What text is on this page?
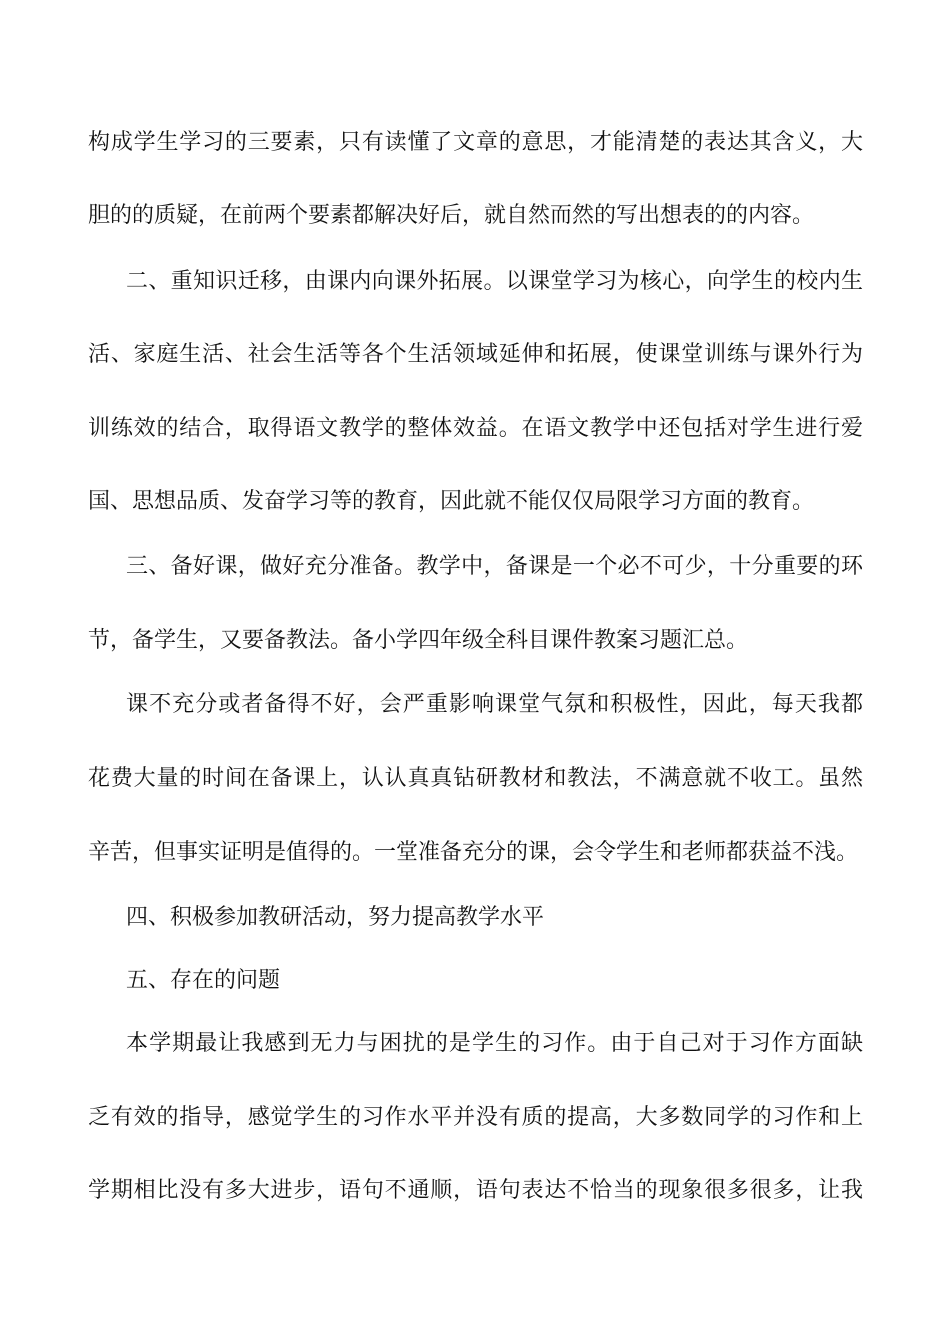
构成学生学习的三要素，只有读懂了文章的意思，才能清楚的表达其含义，大
胆的的质疑，在前两个要素都解决好后，就自然而然的写出想表的的内容。
二、重知识迁移，由课内向课外拓展。以课堂学习为核心，向学生的校内生
活、家庭生活、社会生活等各个生活领域延伸和拓展，使课堂训练与课外行为
训练效的结合，取得语文教学的整体效益。在语文教学中还包括对学生进行爱
国、思想品质、发奋学习等的教育，因此就不能仅仅局限学习方面的教育。
三、备好课，做好充分准备。教学中，备课是一个必不可少，十分重要的环
节，备学生，又要备教法。备小学四年级全科目课件教案习题汇总。
课不充分或者备得不好，会严重影响课堂气氛和积极性，因此，每天我都
花费大量的时间在备课上，认认真真钻研教材和教法，不满意就不收工。虽然
辛苦，但事实证明是值得的。一堂准备充分的课，会令学生和老师都获益不浅。
四、积极参加教研活动，努力提高教学水平
五、存在的问题
本学期最让我感到无力与困扰的是学生的习作。由于自己对于习作方面缺
乏有效的指导，感觉学生的习作水平并没有质的提高，大多数同学的习作和上
学期相比没有多大进步，语句不通顺，语句表达不恰当的现象很多很多，让我
